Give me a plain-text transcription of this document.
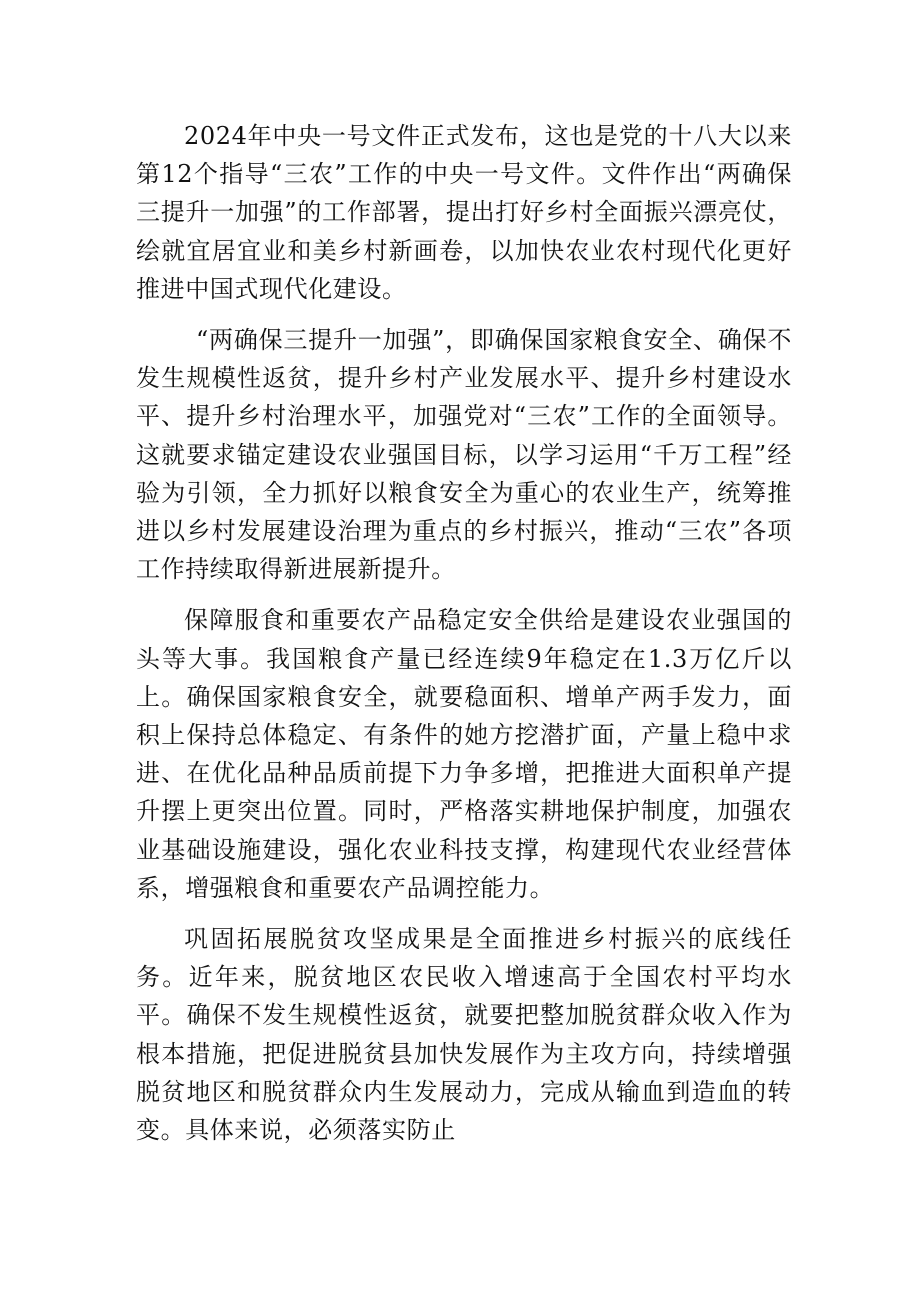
2024年中央一号文件正式发布，这也是党的十八大以来第12个指导“三农”工作的中央一号文件。文件作出“两确保三提升一加强”的工作部署，提出打好乡村全面振兴漂亮仗，绘就宜居宜业和美乡村新画卷，以加快农业农村现代化更好推进中国式现代化建设。

“两确保三提升一加强”，即确保国家粮食安全、确保不发生规模性返贫，提升乡村产业发展水平、提升乡村建设水平、提升乡村治理水平，加强党对“三农”工作的全面领导。这就要求锚定建设农业强国目标，以学习运用“千万工程”经验为引领，全力抓好以粮食安全为重心的农业生产，统筹推进以乡村发展建设治理为重点的乡村振兴，推动“三农”各项工作持续取得新进展新提升。

保障服食和重要农产品稳定安全供给是建设农业强国的头等大事。我国粮食产量已经连续9年稳定在1.3万亿斤以上。确保国家粮食安全，就要稳面积、增单产两手发力，面积上保持总体稳定、有条件的她方挖潜扩面，产量上稳中求进、在优化品种品质前提下力争多增，把推进大面积单产提升摆上更突出位置。同时，严格落实耕地保护制度，加强农业基础设施建设，强化农业科技支撑，构建现代农业经营体系，增强粮食和重要农产品调控能力。

巩固拓展脱贫攻坚成果是全面推进乡村振兴的底线任务。近年来，脱贫地区农民收入增速高于全国农村平均水平。确保不发生规模性返贫，就要把整加脱贫群众收入作为根本措施，把促进脱贫县加快发展作为主攻方向，持续增强脱贫地区和脱贫群众内生发展动力，完成从输血到造血的转变。具体来说，必须落实防止
